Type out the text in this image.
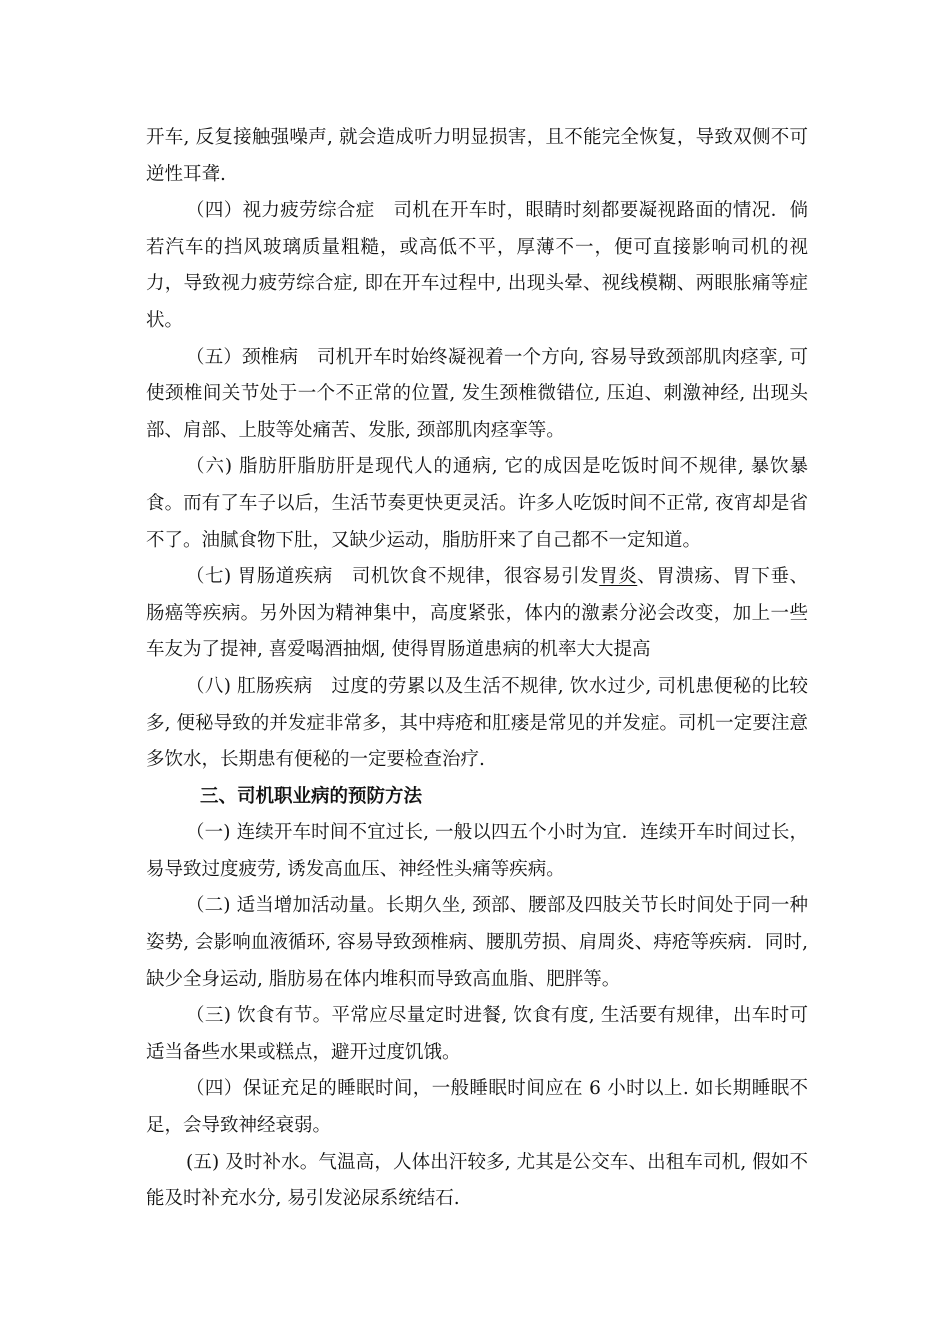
开车, 反复接触强噪声, 就会造成听力明显损害，且不能完全恢复，导致双侧不可逆性耳聋.

（四）视力疲劳综合症　司机在开车时，眼睛时刻都要凝视路面的情况．倘若汽车的挡风玻璃质量粗糙，或高低不平，厚薄不一，便可直接影响司机的视力，导致视力疲劳综合症, 即在开车过程中, 出现头晕、视线模糊、两眼胀痛等症状。

（五）颈椎病　司机开车时始终凝视着一个方向, 容易导致颈部肌肉痉挛, 可使颈椎间关节处于一个不正常的位置, 发生颈椎微错位, 压迫、刺激神经, 出现头部、肩部、上肢等处痛苦、发胀, 颈部肌肉痉挛等。

（六) 脂肪肝脂肪肝是现代人的通病, 它的成因是吃饭时间不规律, 暴饮暴食。而有了车子以后，生活节奏更快更灵活。许多人吃饭时间不正常, 夜宵却是省不了。油腻食物下肚，又缺少运动，脂肪肝来了自己都不一定知道。

（七) 胃肠道疾病　司机饮食不规律，很容易引发胃炎、胃溃疡、胃下垂、肠癌等疾病。另外因为精神集中，高度紧张，体内的激素分泌会改变，加上一些车友为了提神, 喜爱喝酒抽烟, 使得胃肠道患病的机率大大提高

（八) 肛肠疾病　过度的劳累以及生活不规律, 饮水过少, 司机患便秘的比较多, 便秘导致的并发症非常多，其中痔疮和肛瘘是常见的并发症。司机一定要注意多饮水，长期患有便秘的一定要检查治疗.

三、司机职业病的预防方法

（一) 连续开车时间不宜过长, 一般以四五个小时为宜．连续开车时间过长，易导致过度疲劳, 诱发高血压、神经性头痛等疾病。

（二) 适当增加活动量。长期久坐, 颈部、腰部及四肢关节长时间处于同一种姿势, 会影响血液循环, 容易导致颈椎病、腰肌劳损、肩周炎、痔疮等疾病．同时, 缺少全身运动, 脂肪易在体内堆积而导致高血脂、肥胖等。

（三) 饮食有节。平常应尽量定时进餐, 饮食有度, 生活要有规律，出车时可适当备些水果或糕点，避开过度饥饿。

（四）保证充足的睡眠时间，一般睡眠时间应在 6 小时以上. 如长期睡眠不足，会导致神经衰弱。

(五) 及时补水。气温高，人体出汗较多, 尤其是公交车、出租车司机, 假如不能及时补充水分, 易引发泌尿系统结石.
